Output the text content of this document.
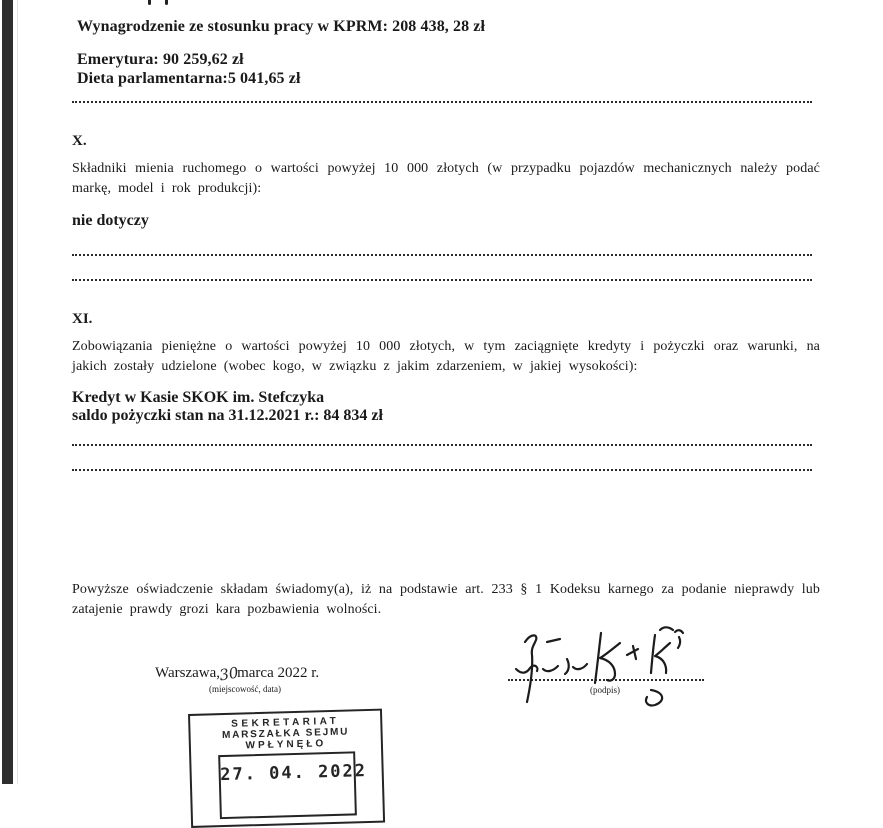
Wynagrodzenie ze stosunku pracy w KPRM: 208 438, 28 zł
Emerytura: 90 259,62 zł
Dieta parlamentarna:5 041,65 zł
X.
Składniki mienia ruchomego o wartości powyżej 10 000 złotych (w przypadku pojazdów mechanicznych należy podać markę, model i rok produkcji):
nie dotyczy
XI.
Zobowiązania pieniężne o wartości powyżej 10 000 złotych, w tym zaciągnięte kredyty i pożyczki oraz warunki, na jakich zostały udzielone (wobec kogo, w związku z jakim zdarzeniem, w jakiej wysokości):
Kredyt w Kasie SKOK im. Stefczyka
saldo pożyczki stan na 31.12.2021 r.: 84 834 zł
Powyższe oświadczenie składam świadomy(a), iż na podstawie art. 233 § 1 Kodeksu karnego za podanie nieprawdy lub zatajenie prawdy grozi kara pozbawienia wolności.
Warszawa,30marca 2022 r.
(miejscowość, data)	(podpis)
SEKRETARIAT
MARSZAŁKA SEJMU
WPŁYNĘŁO
27. 04. 2022
